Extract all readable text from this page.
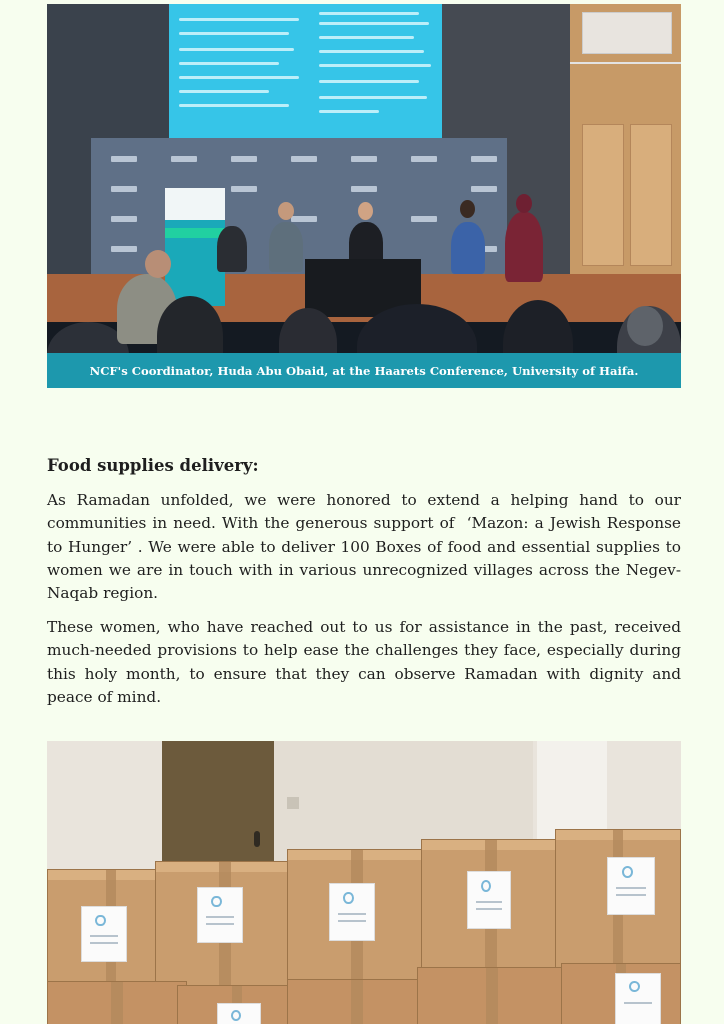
NCF's Coordinator, Huda Abu Obaid, at the Haarets Conference, University of Haifa.
Food supplies delivery:

As Ramadan unfolded, we were honored to extend a helping hand to our communities in need. With the generous support of  ‘Mazon: a Jewish Response to Hunger’ . We were able to deliver 100 Boxes of food and essential supplies to women we are in touch with in various unrecognized villages across the Negev-Naqab region.

These women, who have reached out to us for assistance in the past, received much-needed provisions to help ease the challenges they face, especially during this holy month, to ensure that they can observe Ramadan with dignity and peace of mind.
